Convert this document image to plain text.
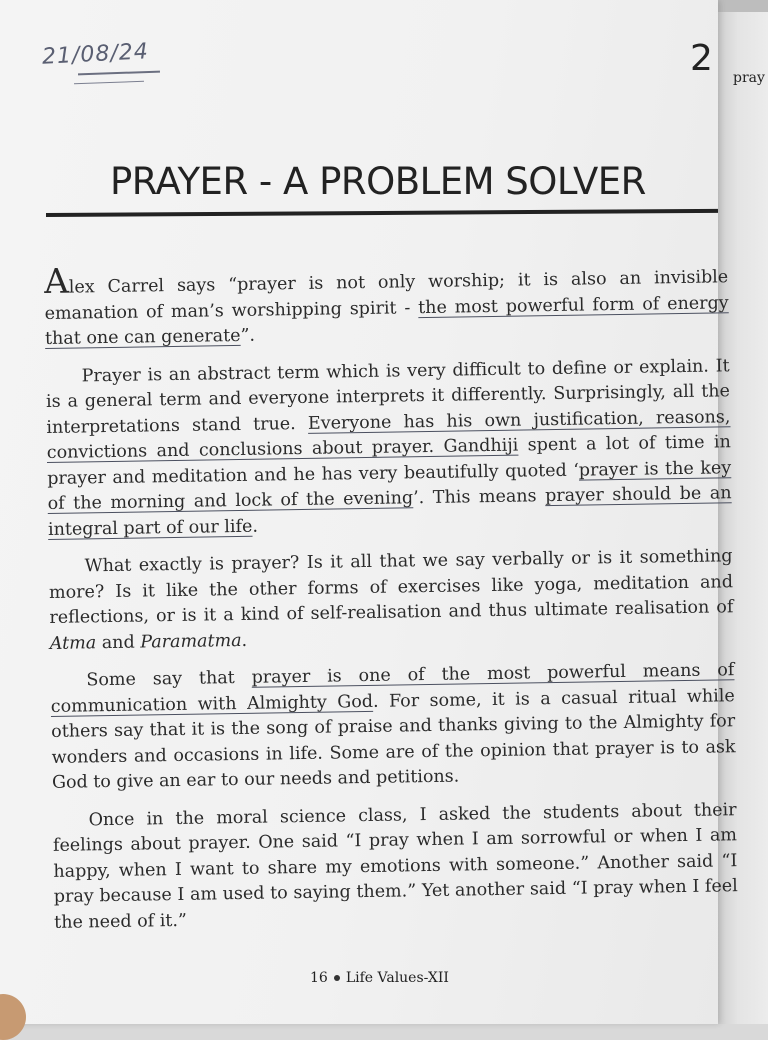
pray
21/08/24	2
PRAYER - A PROBLEM SOLVER

Alex Carrel says “prayer is not only worship; it is also an invisible emanation of man’s worshipping spirit - the most powerful form of energy that one can generate”.

Prayer is an abstract term which is very difficult to define or explain. It is a general term and everyone interprets it differently. Surprisingly, all the interpretations stand true. Everyone has his own justification, reasons, convictions and conclusions about prayer. Gandhiji spent a lot of time in prayer and meditation and he has very beautifully quoted ‘prayer is the key of the morning and lock of the evening’. This means prayer should be an integral part of our life.

What exactly is prayer? Is it all that we say verbally or is it something more? Is it like the other forms of exercises like yoga, meditation and reflections, or is it a kind of self-realisation and thus ultimate realisation of Atma and Paramatma.

Some say that prayer is one of the most powerful means of communication with Almighty God. For some, it is a casual ritual while others say that it is the song of praise and thanks giving to the Almighty for wonders and occasions in life. Some are of the opinion that prayer is to ask God to give an ear to our needs and petitions.

Once in the moral science class, I asked the students about their feelings about prayer. One said “I pray when I am sorrowful or when I am happy, when I want to share my emotions with someone.” Another said “I pray because I am used to saying them.” Yet another said “I pray when I feel the need of it.”

16 Life Values-XII
